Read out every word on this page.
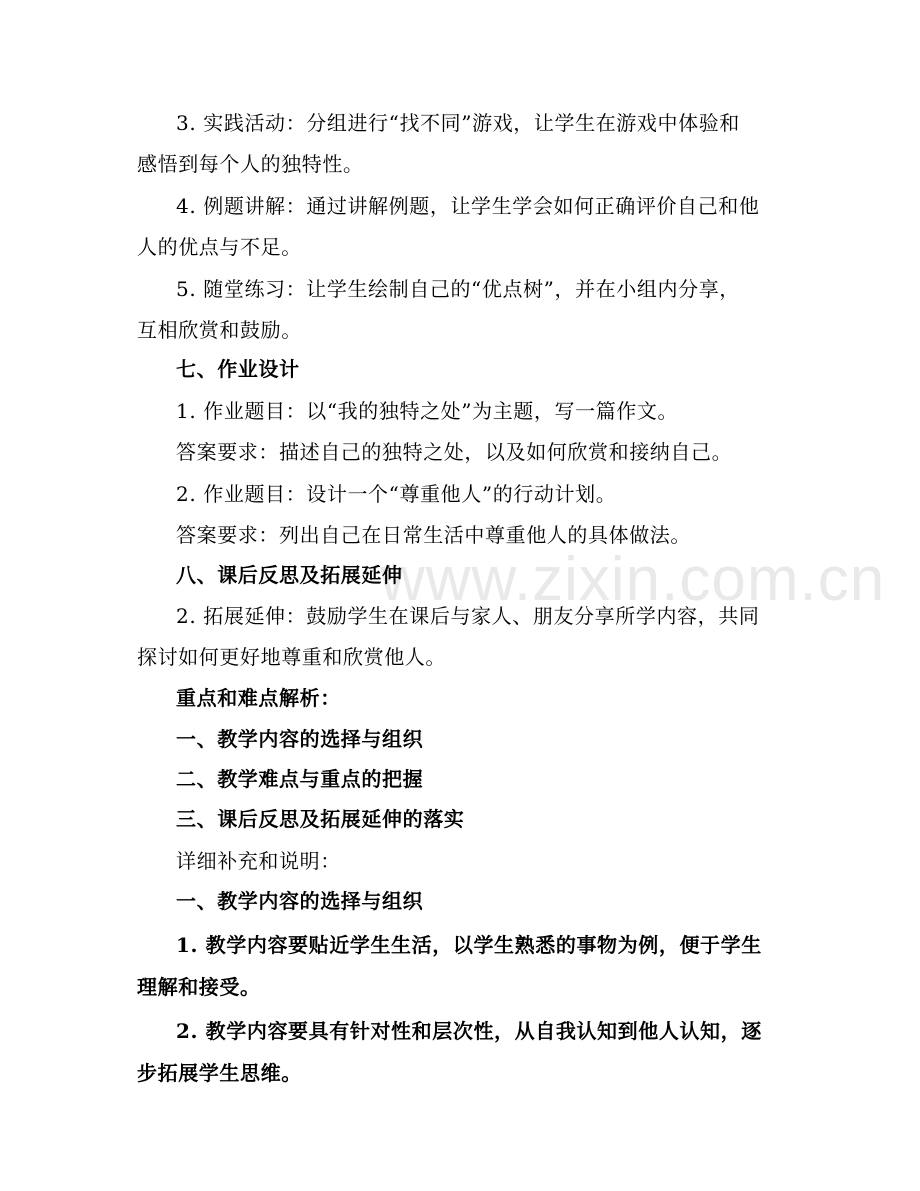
www.zixin.com.cn
3. 实践活动：分组进行“找不同”游戏，让学生在游戏中体验和
感悟到每个人的独特性。
4. 例题讲解：通过讲解例题，让学生学会如何正确评价自己和他
人的优点与不足。
5. 随堂练习：让学生绘制自己的“优点树”，并在小组内分享，
互相欣赏和鼓励。
七、作业设计
1. 作业题目：以“我的独特之处”为主题，写一篇作文。
答案要求：描述自己的独特之处，以及如何欣赏和接纳自己。
2. 作业题目：设计一个“尊重他人”的行动计划。
答案要求：列出自己在日常生活中尊重他人的具体做法。
八、课后反思及拓展延伸
2. 拓展延伸：鼓励学生在课后与家人、朋友分享所学内容，共同
探讨如何更好地尊重和欣赏他人。
重点和难点解析：
一、教学内容的选择与组织
二、教学难点与重点的把握
三、课后反思及拓展延伸的落实
详细补充和说明：
一、教学内容的选择与组织
1. 教学内容要贴近学生生活，以学生熟悉的事物为例，便于学生
理解和接受。
2. 教学内容要具有针对性和层次性，从自我认知到他人认知，逐
步拓展学生思维。
